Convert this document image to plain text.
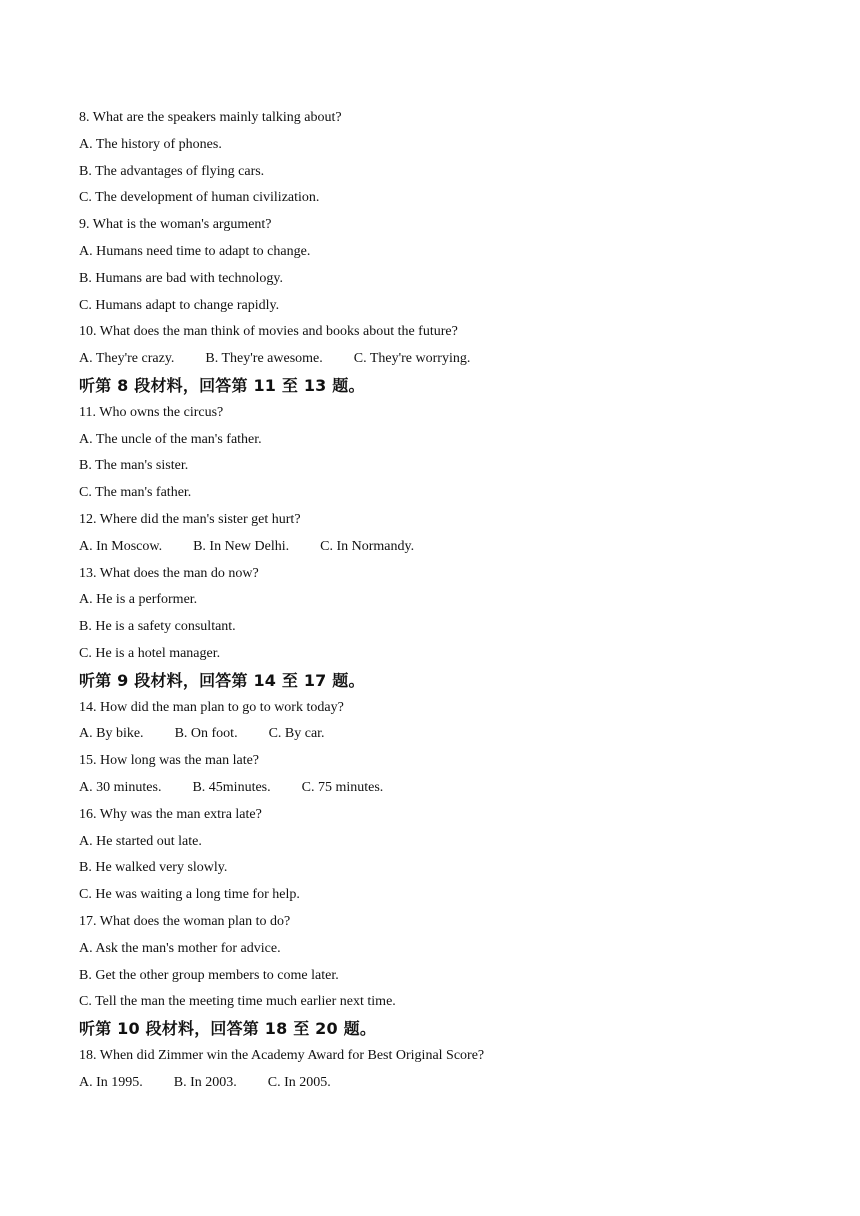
8. What are the speakers mainly talking about?
A. The history of phones.
B. The advantages of flying cars.
C. The development of human civilization.
9. What is the woman's argument?
A. Humans need time to adapt to change.
B. Humans are bad with technology.
C. Humans adapt to change rapidly.
10. What does the man think of movies and books about the future?
A. They're crazy. B. They're awesome. C. They're worrying.
听第 8 段材料，回答第 11 至 13 题。
11. Who owns the circus?
A. The uncle of the man's father.
B. The man's sister.
C. The man's father.
12. Where did the man's sister get hurt?
A. In Moscow. B. In New Delhi. C. In Normandy.
13. What does the man do now?
A. He is a performer.
B. He is a safety consultant.
C. He is a hotel manager.
听第 9 段材料，回答第 14 至 17 题。
14. How did the man plan to go to work today?
A. By bike. B. On foot. C. By car.
15. How long was the man late?
A. 30 minutes. B. 45minutes. C. 75 minutes.
16. Why was the man extra late?
A. He started out late.
B. He walked very slowly.
C. He was waiting a long time for help.
17. What does the woman plan to do?
A. Ask the man's mother for advice.
B. Get the other group members to come later.
C. Tell the man the meeting time much earlier next time.
听第 10 段材料，回答第 18 至 20 题。
18. When did Zimmer win the Academy Award for Best Original Score?
A. In 1995. B. In 2003. C. In 2005.
